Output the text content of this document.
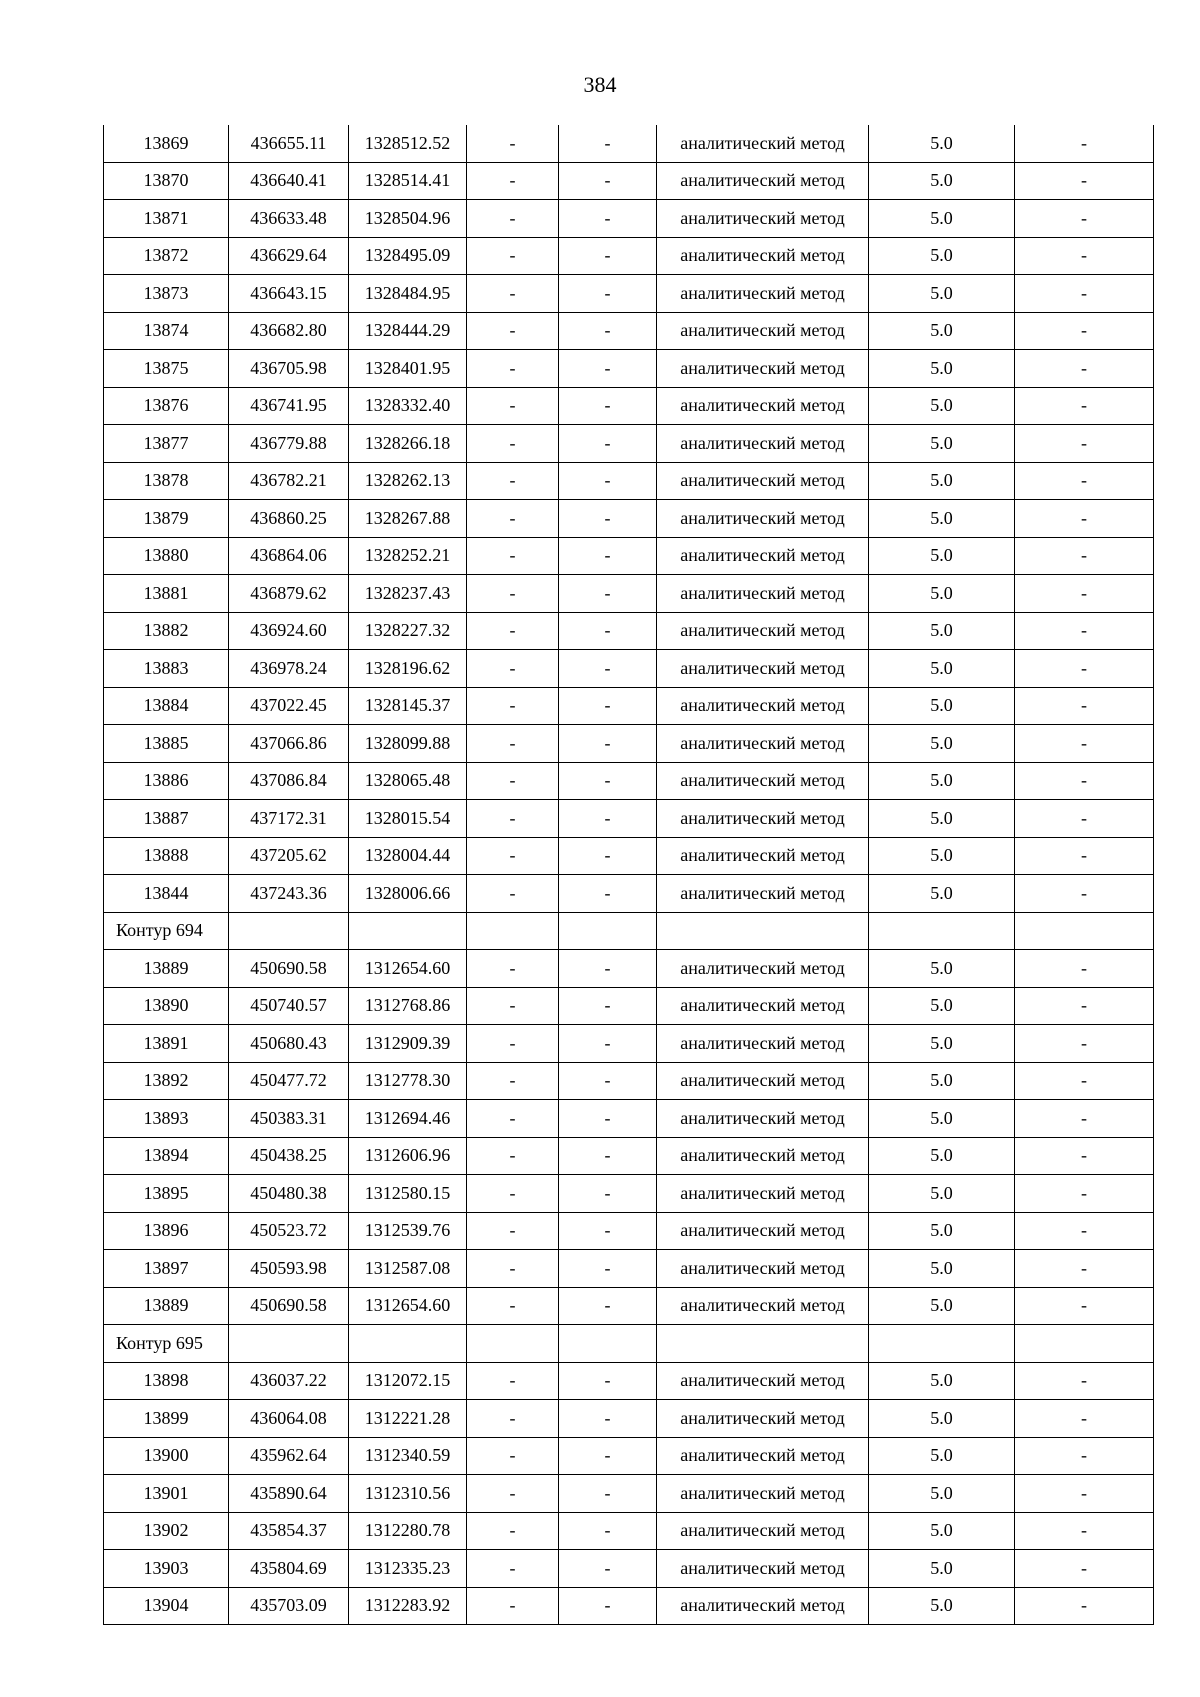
384
13869	436655.11	1328512.52	-	-	аналитический метод	5.0	-
13870	436640.41	1328514.41	-	-	аналитический метод	5.0	-
13871	436633.48	1328504.96	-	-	аналитический метод	5.0	-
13872	436629.64	1328495.09	-	-	аналитический метод	5.0	-
13873	436643.15	1328484.95	-	-	аналитический метод	5.0	-
13874	436682.80	1328444.29	-	-	аналитический метод	5.0	-
13875	436705.98	1328401.95	-	-	аналитический метод	5.0	-
13876	436741.95	1328332.40	-	-	аналитический метод	5.0	-
13877	436779.88	1328266.18	-	-	аналитический метод	5.0	-
13878	436782.21	1328262.13	-	-	аналитический метод	5.0	-
13879	436860.25	1328267.88	-	-	аналитический метод	5.0	-
13880	436864.06	1328252.21	-	-	аналитический метод	5.0	-
13881	436879.62	1328237.43	-	-	аналитический метод	5.0	-
13882	436924.60	1328227.32	-	-	аналитический метод	5.0	-
13883	436978.24	1328196.62	-	-	аналитический метод	5.0	-
13884	437022.45	1328145.37	-	-	аналитический метод	5.0	-
13885	437066.86	1328099.88	-	-	аналитический метод	5.0	-
13886	437086.84	1328065.48	-	-	аналитический метод	5.0	-
13887	437172.31	1328015.54	-	-	аналитический метод	5.0	-
13888	437205.62	1328004.44	-	-	аналитический метод	5.0	-
13844	437243.36	1328006.66	-	-	аналитический метод	5.0	-
Контур 694							
13889	450690.58	1312654.60	-	-	аналитический метод	5.0	-
13890	450740.57	1312768.86	-	-	аналитический метод	5.0	-
13891	450680.43	1312909.39	-	-	аналитический метод	5.0	-
13892	450477.72	1312778.30	-	-	аналитический метод	5.0	-
13893	450383.31	1312694.46	-	-	аналитический метод	5.0	-
13894	450438.25	1312606.96	-	-	аналитический метод	5.0	-
13895	450480.38	1312580.15	-	-	аналитический метод	5.0	-
13896	450523.72	1312539.76	-	-	аналитический метод	5.0	-
13897	450593.98	1312587.08	-	-	аналитический метод	5.0	-
13889	450690.58	1312654.60	-	-	аналитический метод	5.0	-
Контур 695							
13898	436037.22	1312072.15	-	-	аналитический метод	5.0	-
13899	436064.08	1312221.28	-	-	аналитический метод	5.0	-
13900	435962.64	1312340.59	-	-	аналитический метод	5.0	-
13901	435890.64	1312310.56	-	-	аналитический метод	5.0	-
13902	435854.37	1312280.78	-	-	аналитический метод	5.0	-
13903	435804.69	1312335.23	-	-	аналитический метод	5.0	-
13904	435703.09	1312283.92	-	-	аналитический метод	5.0	-
